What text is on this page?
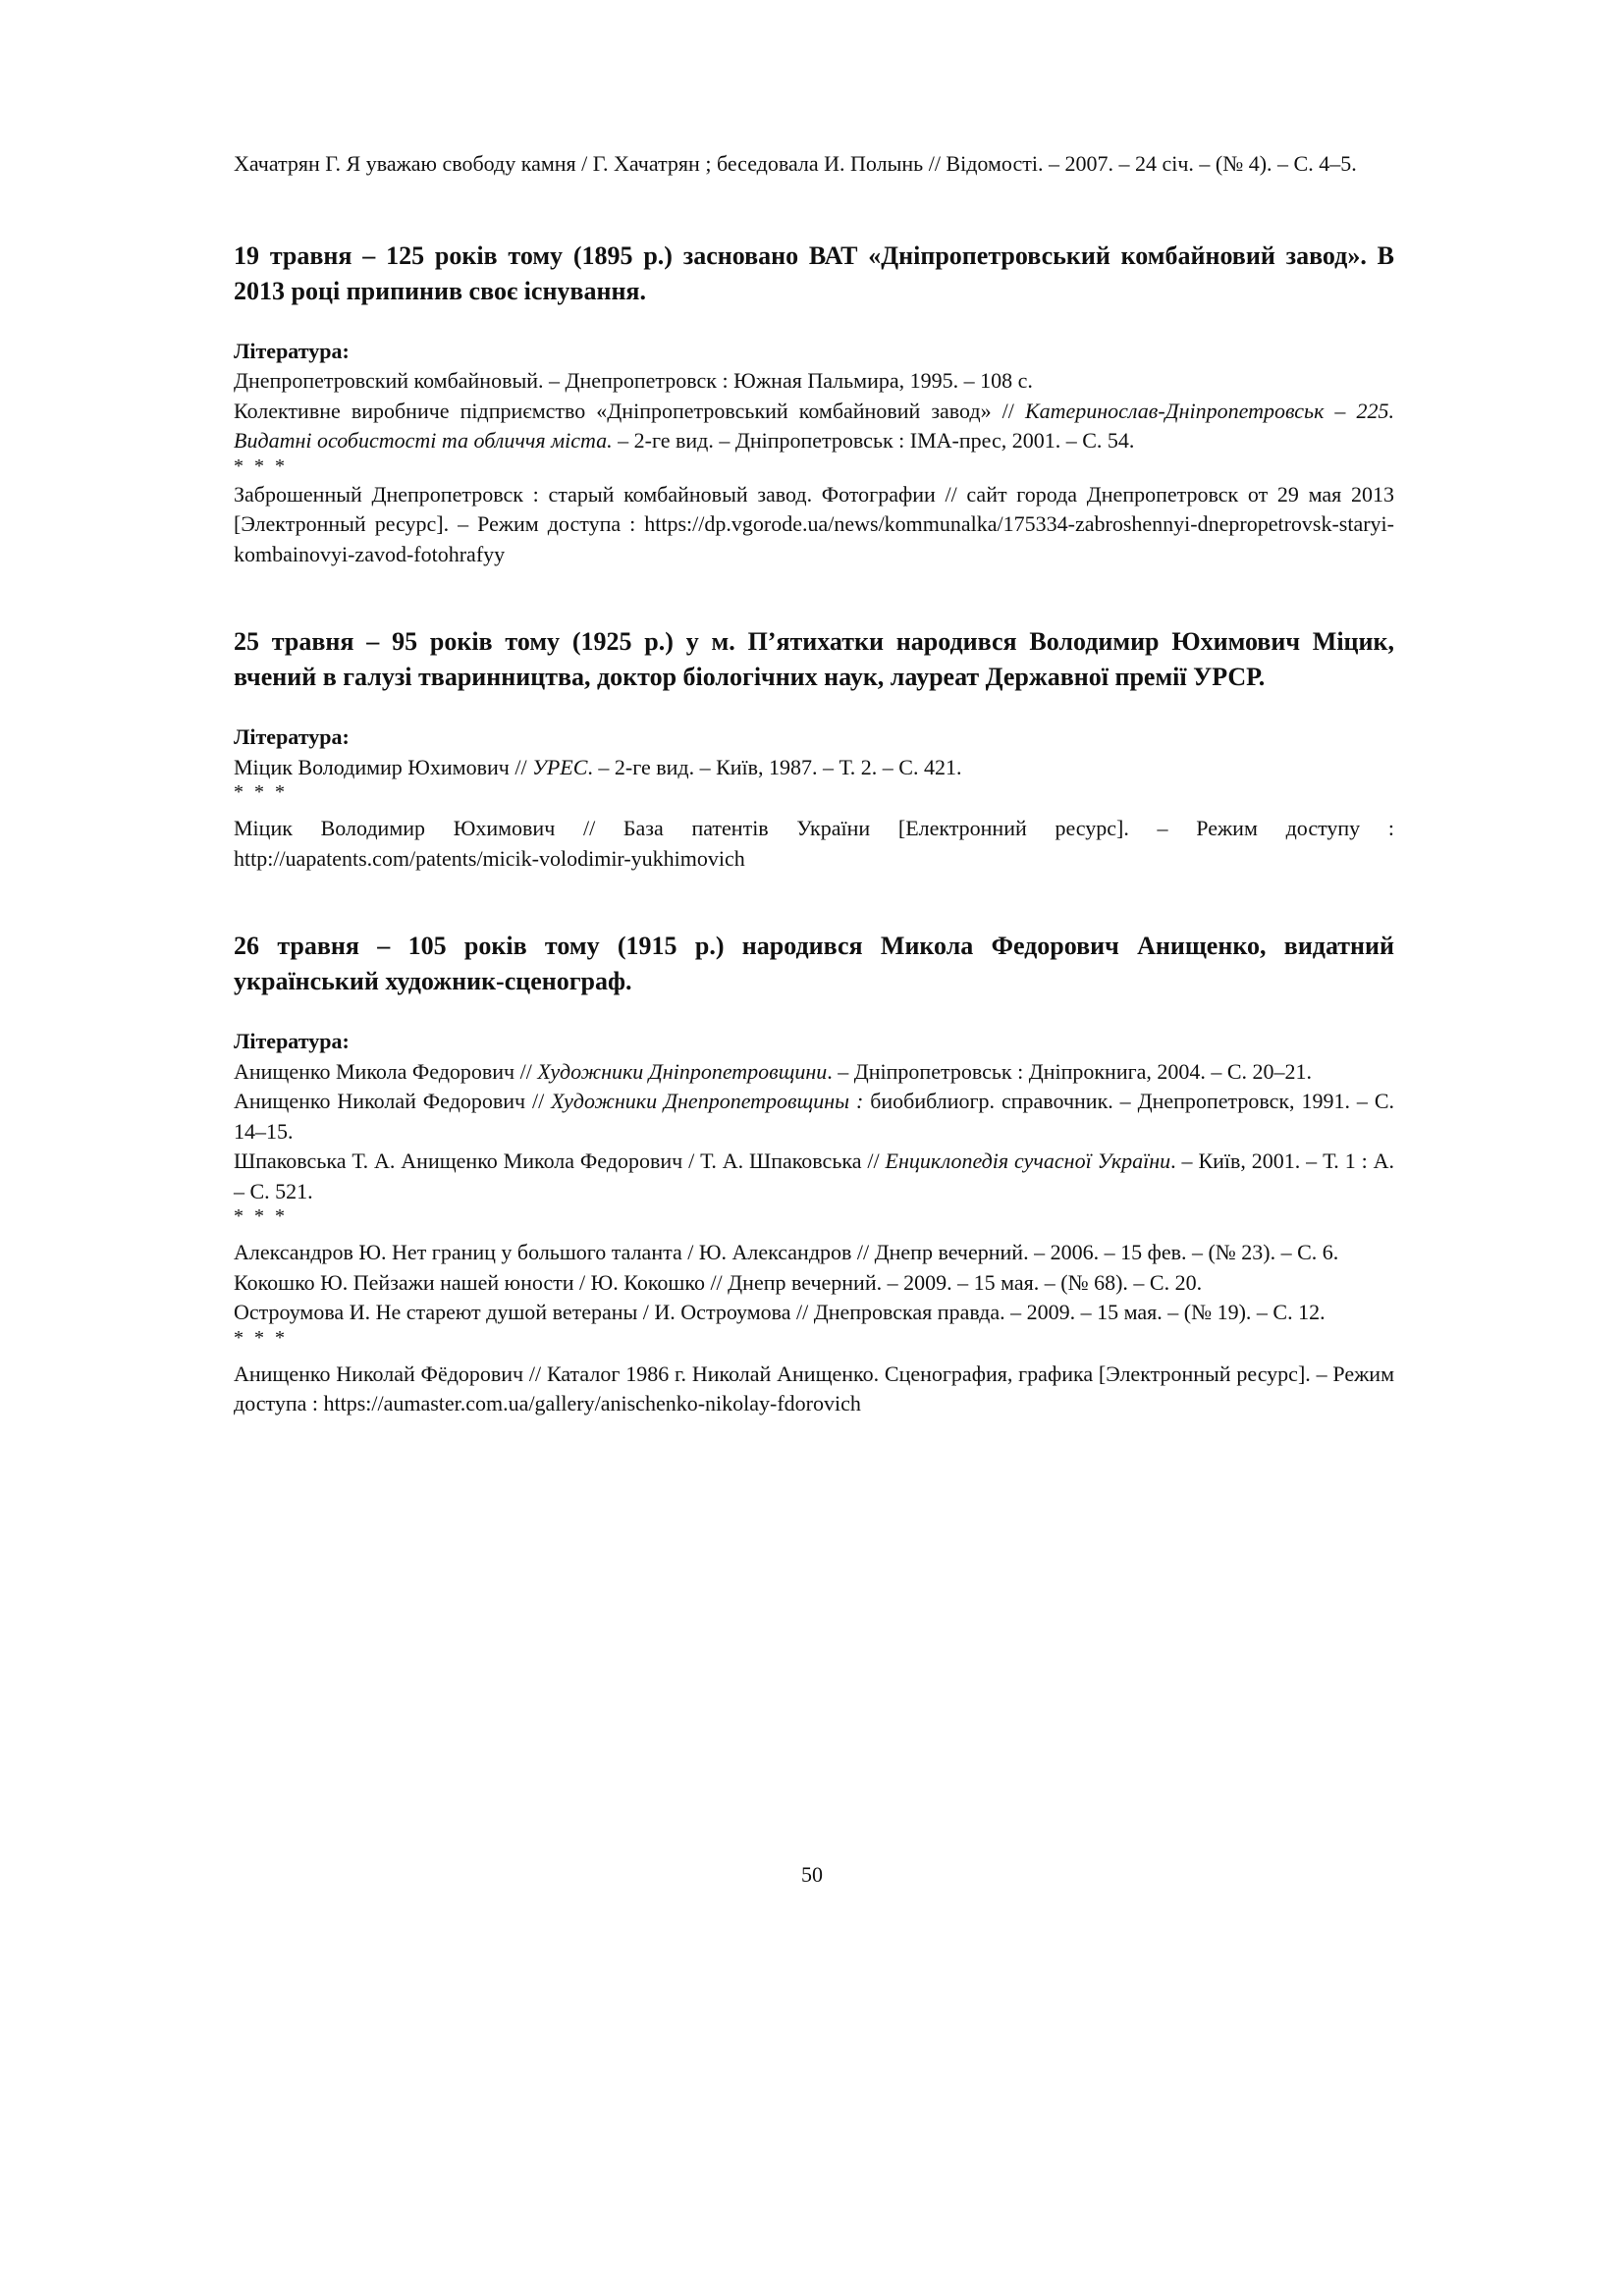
Хачатрян Г. Я уважаю свободу камня / Г. Хачатрян ; беседовала И. Полынь // Відомості. – 2007. – 24 січ. – (№ 4). – С. 4–5.

19 травня – 125 років тому (1895 р.) засновано ВАТ «Дніпропетровський комбайновий завод». В 2013 році припинив своє існування.

Література:

Днепропетровский комбайновый. – Днепропетровск : Южная Пальмира, 1995. – 108 с.

Колективне виробниче підприємство «Дніпропетровський комбайновий завод» // Катеринослав-Дніпропетровськ – 225. Видатні особистості та обличчя міста. – 2-ге вид. – Дніпропетровськ : ІМА-прес, 2001. – С. 54.

* * *

Заброшенный Днепропетровск : старый комбайновый завод. Фотографии // сайт города Днепропетровск от 29 мая 2013 [Электронный ресурс]. – Режим доступа : https://dp.vgorode.ua/news/kommunalka/175334-zabroshennyi-dnepropetrovsk-staryi-kombainovyi-zavod-fotohrafyy

25 травня – 95 років тому (1925 р.) у м. П’ятихатки народився Володимир Юхимович Міцик, вчений в галузі тваринництва, доктор біологічних наук, лауреат Державної премії УРСР.

Література:

Міцик Володимир Юхимович // УРЕС. – 2-ге вид. – Київ, 1987. – Т. 2. – С. 421.

* * *

Міцик Володимир Юхимович // База патентів України [Електронний ресурс]. – Режим доступу : http://uapatents.com/patents/micik-volodimir-yukhimovich

26 травня – 105 років тому (1915 р.) народився Микола Федорович Анищенко, видатний український художник-сценограф.

Література:

Анищенко Микола Федорович // Художники Дніпропетровщини. – Дніпропетровськ : Дніпрокнига, 2004. – С. 20–21.

Анищенко Николай Федорович // Художники Днепропетровщины : биобиблиогр. справочник. – Днепропетровск, 1991. – С. 14–15.

Шпаковська Т. А. Анищенко Микола Федорович / Т. А. Шпаковська // Енциклопедія сучасної України. – Київ, 2001. – Т. 1 : А. – С. 521.

* * *

Александров Ю. Нет границ у большого таланта / Ю. Александров // Днепр вечерний. – 2006. – 15 фев. – (№ 23). – С. 6.

Кокошко Ю. Пейзажи нашей юности / Ю. Кокошко // Днепр вечерний. – 2009. – 15 мая. – (№ 68). – С. 20.

Остроумова И. Не стареют душой ветераны / И. Остроумова // Днепровская правда. – 2009. – 15 мая. – (№ 19). – С. 12.

* * *

Анищенко Николай Фёдорович // Каталог 1986 г. Николай Анищенко. Сценография, графика [Электронный ресурс]. – Режим доступа : https://aumaster.com.ua/gallery/anischenko-nikolay-fdorovich

50
